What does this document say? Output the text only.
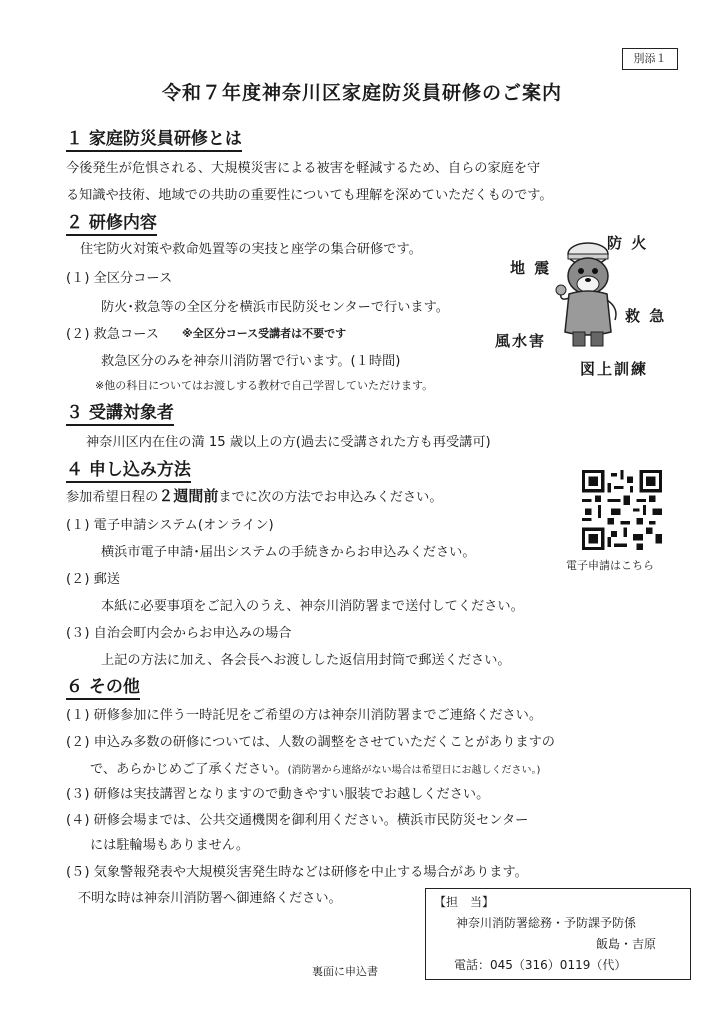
別添１
令和７年度神奈川区家庭防災員研修のご案内
１ 家庭防災員研修とは
今後発生が危惧される、大規模災害による被害を軽減するため、自らの家庭を守
る知識や技術、地域での共助の重要性についても理解を深めていただくものです。
２ 研修内容
住宅防火対策や救命処置等の実技と座学の集合研修です。
(１) 全区分コース
防火･救急等の全区分を横浜市民防災センターで行います。
(２) 救急コース ※全区分コース受講者は不要です
救急区分のみを神奈川消防署で行います。(１時間)
※他の科目についてはお渡しする教材で自己学習していただけます。
防 火
地 震
救 急
風水害
図上訓練
３ 受講対象者
神奈川区内在住の満 15 歳以上の方(過去に受講された方も再受講可)
４ 申し込み方法
参加希望日程の２週間前までに次の方法でお申込みください。
(１) 電子申請システム(オンライン)
横浜市電子申請･届出システムの手続きからお申込みください。
(２) 郵送
本紙に必要事項をご記入のうえ、神奈川消防署まで送付してください。
(３) 自治会町内会からお申込みの場合
上記の方法に加え、各会長へお渡しした返信用封筒で郵送ください。
電子申請はこちら
６ その他
(１) 研修参加に伴う一時託児をご希望の方は神奈川消防署までご連絡ください。
(２) 申込み多数の研修については、人数の調整をさせていただくことがありますの
で、あらかじめご了承ください。(消防署から連絡がない場合は希望日にお越しください。)
(３) 研修は実技講習となりますので動きやすい服装でお越しください。
(４) 研修会場までは、公共交通機関を御利用ください。横浜市民防災センター
には駐輪場もありません。
(５) 気象警報発表や大規模災害発生時などは研修を中止する場合があります。
不明な時は神奈川消防署へ御連絡ください。
裏面に申込書
【担　当】
神奈川消防署総務・予防課予防係
飯島・吉原
電話：045（316）0119（代）
